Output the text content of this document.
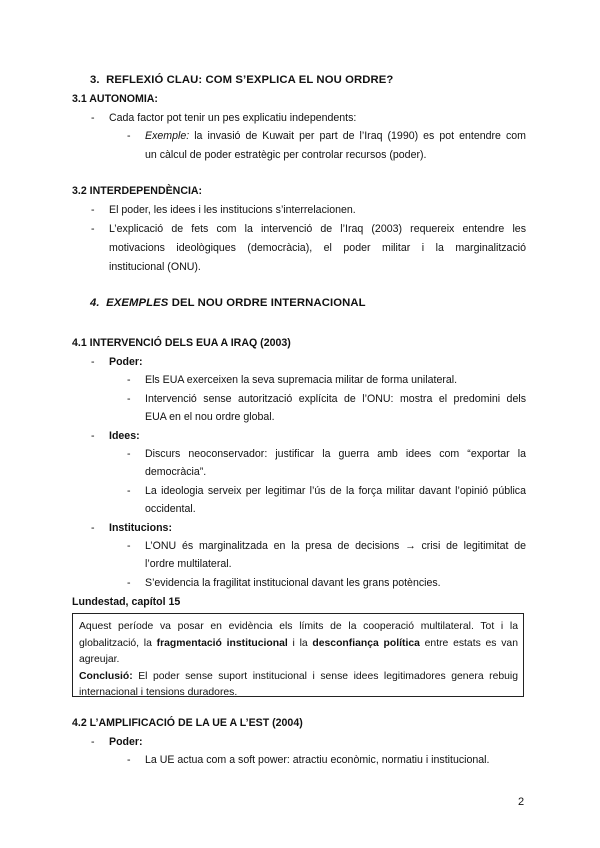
3. REFLEXIÓ CLAU: COM S’EXPLICA EL NOU ORDRE?
3.1 AUTONOMIA:
-	Cada factor pot tenir un pes explicatiu independents:
-	Exemple: la invasió de Kuwait per part de l’Iraq (1990) es pot entendre com
un càlcul de poder estratègic per controlar recursos (poder).
3.2 INTERDEPENDÈNCIA:
-	El poder, les idees i les institucions s’interrelacionen.
-	L’explicació de fets com la intervenció de l’Iraq (2003) requereix entendre les
motivacions ideològiques (democràcia), el poder militar i la marginalització
institucional (ONU).
4. EXEMPLES DEL NOU ORDRE INTERNACIONAL
4.1 INTERVENCIÓ DELS EUA A IRAQ (2003)
-	Poder:
-	Els EUA exerceixen la seva supremacia militar de forma unilateral.
-	Intervenció sense autorització explícita de l’ONU: mostra el predomini dels
EUA en el nou ordre global.
-	Idees:
-	Discurs neoconservador: justificar la guerra amb idees com “exportar la
democràcia”.
-	La ideologia serveix per legitimar l’ús de la força militar davant l’opinió pública
occidental.
-	Institucions:
-	L’ONU és marginalitzada en la presa de decisions → crisi de legitimitat de
l’ordre multilateral.
-	S’evidencia la fragilitat institucional davant les grans potències.
Lundestad, capítol 15
Aquest període va posar en evidència els límits de la cooperació multilateral. Tot i la
globalització, la fragmentació institucional i la desconfiança política entre estats es van
agreujar.
Conclusió: El poder sense suport institucional i sense idees legitimadores genera rebuig
internacional i tensions duradores.
4.2 L’AMPLIFICACIÓ DE LA UE A L’EST (2004)
-	Poder:
-	La UE actua com a soft power: atractiu econòmic, normatiu i institucional.
2
